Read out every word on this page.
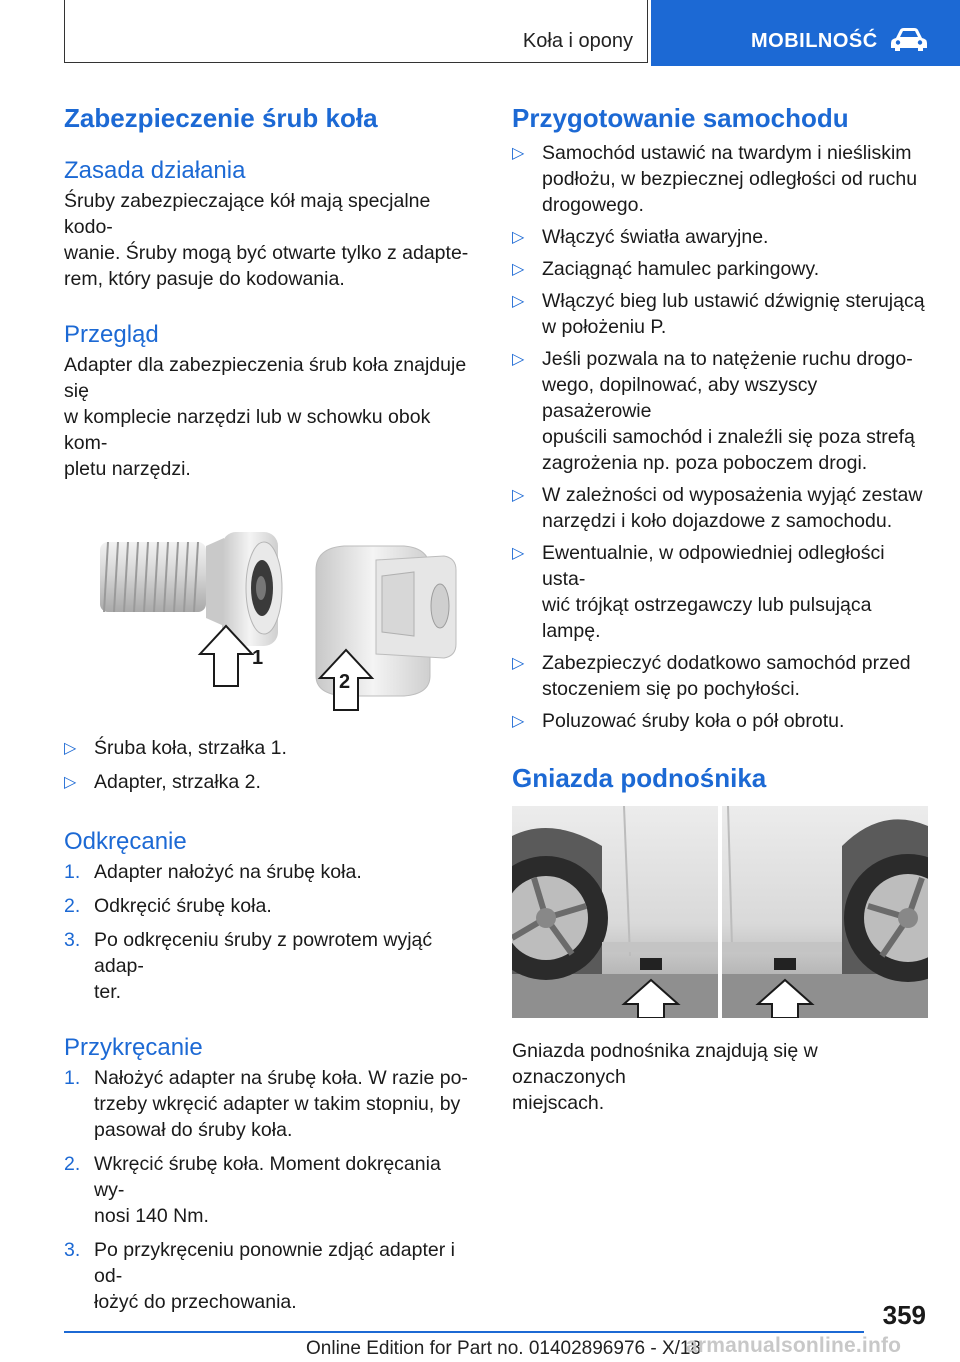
Koła i opony	MOBILNOŚĆ
Zabezpieczenie śrub koła
Zasada działania

Śruby zabezpieczające kół mają specjalne kodo-
wanie. Śruby mogą być otwarte tylko z adapte-
rem, który pasuje do kodowania.

Przegląd

Adapter dla zabezpieczenia śrub koła znajduje się
w komplecie narzędzi lub w schowku obok kom-
pletu narzędzi.

1
2
▷ Śruba koła, strzałka 1.
▷ Adapter, strzałka 2.
Odkręcanie
1. Adapter nałożyć na śrubę koła.
2. Odkręcić śrubę koła.
3. Po odkręceniu śruby z powrotem wyjąć adap-
ter.
Przykręcanie
1. Nałożyć adapter na śrubę koła. W razie po-
trzeby wkręcić adapter w takim stopniu, by
pasował do śruby koła.
2. Wkręcić śrubę koła. Moment dokręcania wy-
nosi 140 Nm.
3. Po przykręceniu ponownie zdjąć adapter i od-
łożyć do przechowania.
Przygotowanie samochodu
▷ Samochód ustawić na twardym i nieśliskim
podłożu, w bezpiecznej odległości od ruchu
drogowego.
▷ Włączyć światła awaryjne.
▷ Zaciągnąć hamulec parkingowy.
▷ Włączyć bieg lub ustawić dźwignię sterującą
w położeniu P.
▷ Jeśli pozwala na to natężenie ruchu drogo-
wego, dopilnować, aby wszyscy pasażerowie
opuścili samochód i znaleźli się poza strefą
zagrożenia np. poza poboczem drogi.
▷ W zależności od wyposażenia wyjąć zestaw
narzędzi i koło dojazdowe z samochodu.
▷ Ewentualnie, w odpowiedniej odległości usta-
wić trójkąt ostrzegawczy lub pulsująca lampę.
▷ Zabezpieczyć dodatkowo samochód przed
stoczeniem się po pochyłości.
▷ Poluzować śruby koła o pół obrotu.
Gniazda podnośnika

Gniazda podnośnika znajdują się w oznaczonych
miejscach.

359
Online Edition for Part no. 01402896976 - X/18
armanualsonline.info
